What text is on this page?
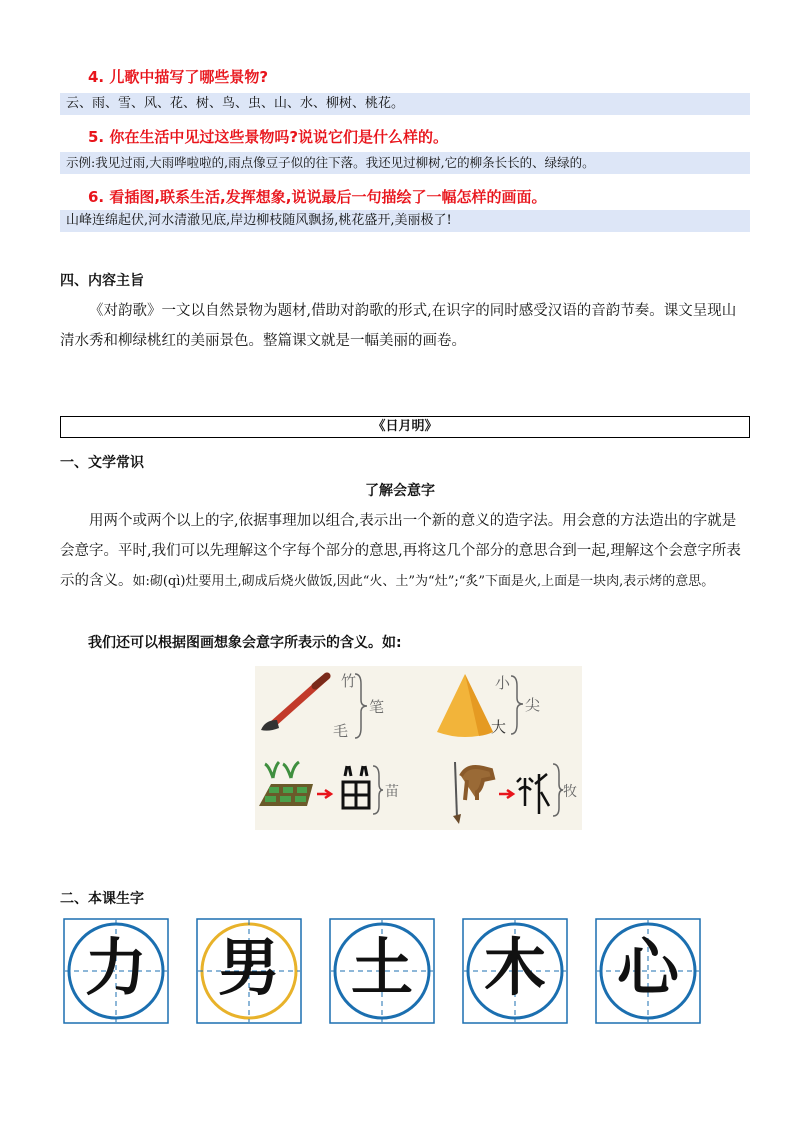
4. 儿歌中描写了哪些景物?
云、雨、雪、风、花、树、鸟、虫、山、水、柳树、桃花。
5. 你在生活中见过这些景物吗?说说它们是什么样的。
示例:我见过雨,大雨哗啦啦的,雨点像豆子似的往下落。我还见过柳树,它的柳条长长的、绿绿的。
6. 看插图,联系生活,发挥想象,说说最后一句描绘了一幅怎样的画面。
山峰连绵起伏,河水清澈见底,岸边柳枝随风飘扬,桃花盛开,美丽极了!
四、内容主旨
《对韵歌》一文以自然景物为题材,借助对韵歌的形式,在识字的同时感受汉语的音韵节奏。课文呈现山清水秀和柳绿桃红的美丽景色。整篇课文就是一幅美丽的画卷。
《日月明》
一、文学常识
了解会意字
用两个或两个以上的字,依据事理加以组合,表示出一个新的意义的造字法。用会意的方法造出的字就是会意字。平时,我们可以先理解这个字每个部分的意思,再将这几个部分的意思合到一起,理解这个会意字所表示的含义。如:砌(qì)灶要用土,砌成后烧火做饭,因此“火、土”为“灶”;“炙”下面是火,上面是一块肉,表示烤的意思。
我们还可以根据图画想象会意字所表示的含义。如:
竹
毛
笔
小
大
尖
苗	牧
二、本课生字
力	男	土	木	心
